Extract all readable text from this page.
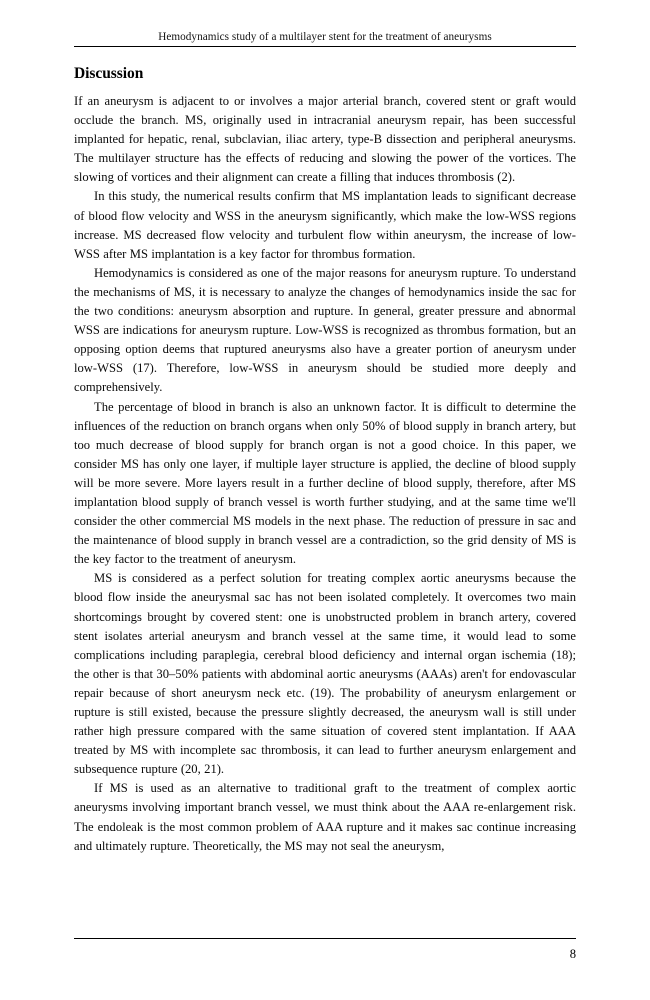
Hemodynamics study of a multilayer stent for the treatment of aneurysms
Discussion

If an aneurysm is adjacent to or involves a major arterial branch, covered stent or graft would occlude the branch. MS, originally used in intracranial aneurysm repair, has been successful implanted for hepatic, renal, subclavian, iliac artery, type-B dissection and peripheral aneurysms. The multilayer structure has the effects of reducing and slowing the power of the vortices. The slowing of vortices and their alignment can create a filling that induces thrombosis (2).

In this study, the numerical results confirm that MS implantation leads to significant decrease of blood flow velocity and WSS in the aneurysm significantly, which make the low-WSS regions increase. MS decreased flow velocity and turbulent flow within aneurysm, the increase of low-WSS after MS implantation is a key factor for thrombus formation.

Hemodynamics is considered as one of the major reasons for aneurysm rupture. To understand the mechanisms of MS, it is necessary to analyze the changes of hemodynamics inside the sac for the two conditions: aneurysm absorption and rupture. In general, greater pressure and abnormal WSS are indications for aneurysm rupture. Low-WSS is recognized as thrombus formation, but an opposing option deems that ruptured aneurysms also have a greater portion of aneurysm under low-WSS (17). Therefore, low-WSS in aneurysm should be studied more deeply and comprehensively.

The percentage of blood in branch is also an unknown factor. It is difficult to determine the influences of the reduction on branch organs when only 50% of blood supply in branch artery, but too much decrease of blood supply for branch organ is not a good choice. In this paper, we consider MS has only one layer, if multiple layer structure is applied, the decline of blood supply will be more severe. More layers result in a further decline of blood supply, therefore, after MS implantation blood supply of branch vessel is worth further studying, and at the same time we'll consider the other commercial MS models in the next phase. The reduction of pressure in sac and the maintenance of blood supply in branch vessel are a contradiction, so the grid density of MS is the key factor to the treatment of aneurysm.

MS is considered as a perfect solution for treating complex aortic aneurysms because the blood flow inside the aneurysmal sac has not been isolated completely. It overcomes two main shortcomings brought by covered stent: one is unobstructed problem in branch artery, covered stent isolates arterial aneurysm and branch vessel at the same time, it would lead to some complications including paraplegia, cerebral blood deficiency and internal organ ischemia (18); the other is that 30–50% patients with abdominal aortic aneurysms (AAAs) aren't for endovascular repair because of short aneurysm neck etc. (19). The probability of aneurysm enlargement or rupture is still existed, because the pressure slightly decreased, the aneurysm wall is still under rather high pressure compared with the same situation of covered stent implantation. If AAA treated by MS with incomplete sac thrombosis, it can lead to further aneurysm enlargement and subsequence rupture (20, 21).

If MS is used as an alternative to traditional graft to the treatment of complex aortic aneurysms involving important branch vessel, we must think about the AAA re-enlargement risk. The endoleak is the most common problem of AAA rupture and it makes sac continue increasing and ultimately rupture. Theoretically, the MS may not seal the aneurysm,

8
